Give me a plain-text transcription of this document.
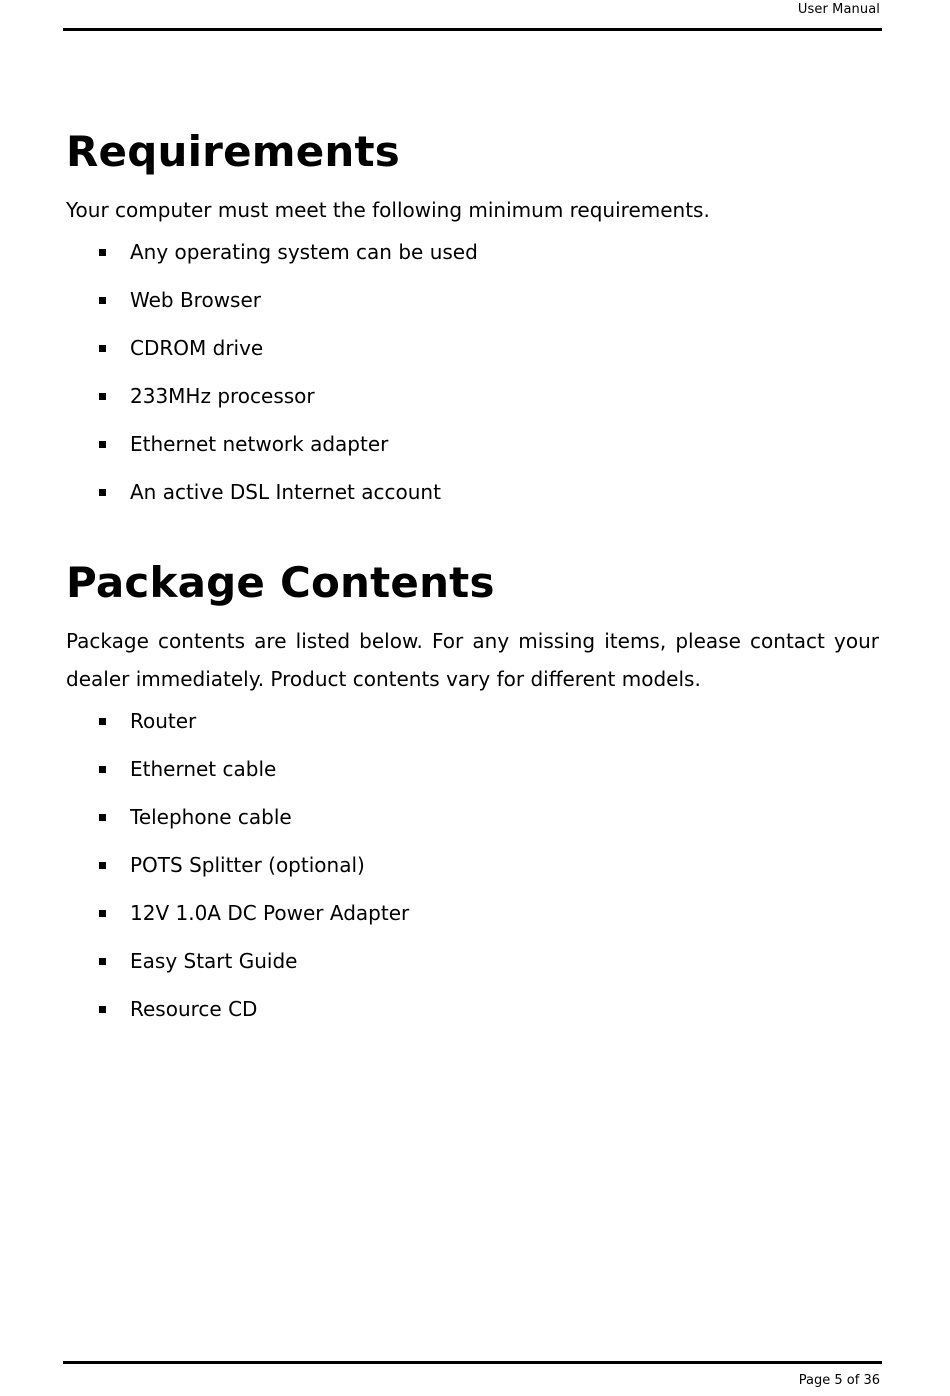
User Manual
Requirements

Your computer must meet the following minimum requirements.

Any operating system can be used
Web Browser
CDROM drive
233MHz processor
Ethernet network adapter
An active DSL Internet account
Package Contents

Package contents are listed below. For any missing items, please contact your dealer immediately. Product contents vary for different models.

Router
Ethernet cable
Telephone cable
POTS Splitter (optional)
12V 1.0A DC Power Adapter
Easy Start Guide
Resource CD
Page 5 of 36
